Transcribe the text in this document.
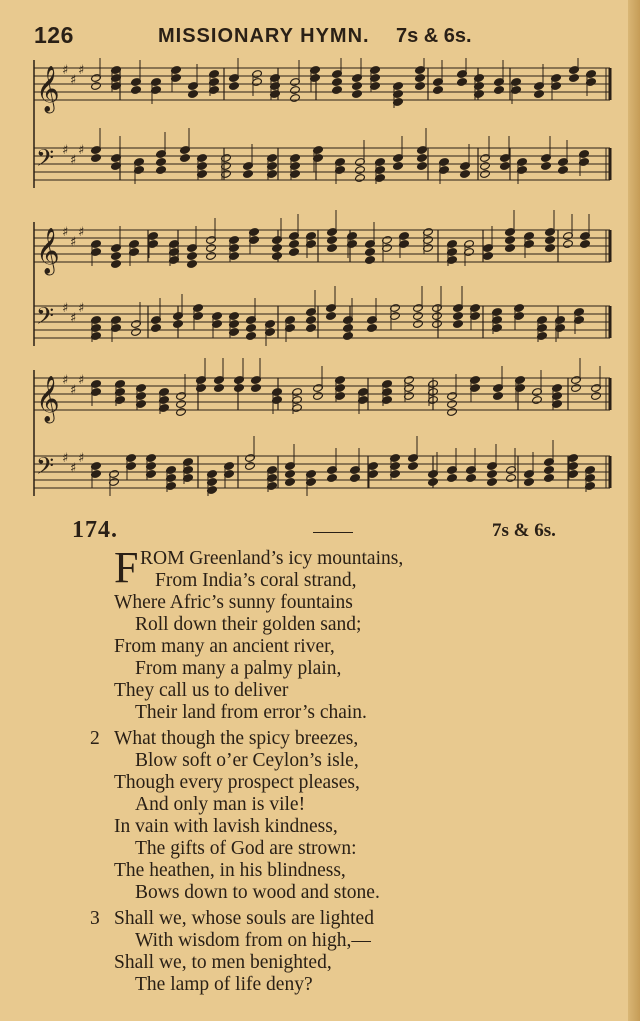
126	MISSIONARY HYMN. 7s & 6s.
𝄞 ♯
♯
♯
𝄢 ♯
♯
♯
𝄞 ♯
♯
♯
𝄢 ♯
♯
♯
𝄞 ♯
♯
♯
𝄢 ♯
♯
♯
174.	7s & 6s.
F ROM Greenland’s icy mountains,
From India’s coral strand,
Where Afric’s sunny fountains
Roll down their golden sand;
From many an ancient river,
From many a palmy plain,
They call us to deliver
Their land from error’s chain.
2 What though the spicy breezes,
Blow soft o’er Ceylon’s isle,
Though every prospect pleases,
And only man is vile!
In vain with lavish kindness,
The gifts of God are strown:
The heathen, in his blindness,
Bows down to wood and stone.
3 Shall we, whose souls are lighted
With wisdom from on high,—
Shall we, to men benighted,
The lamp of life deny?
